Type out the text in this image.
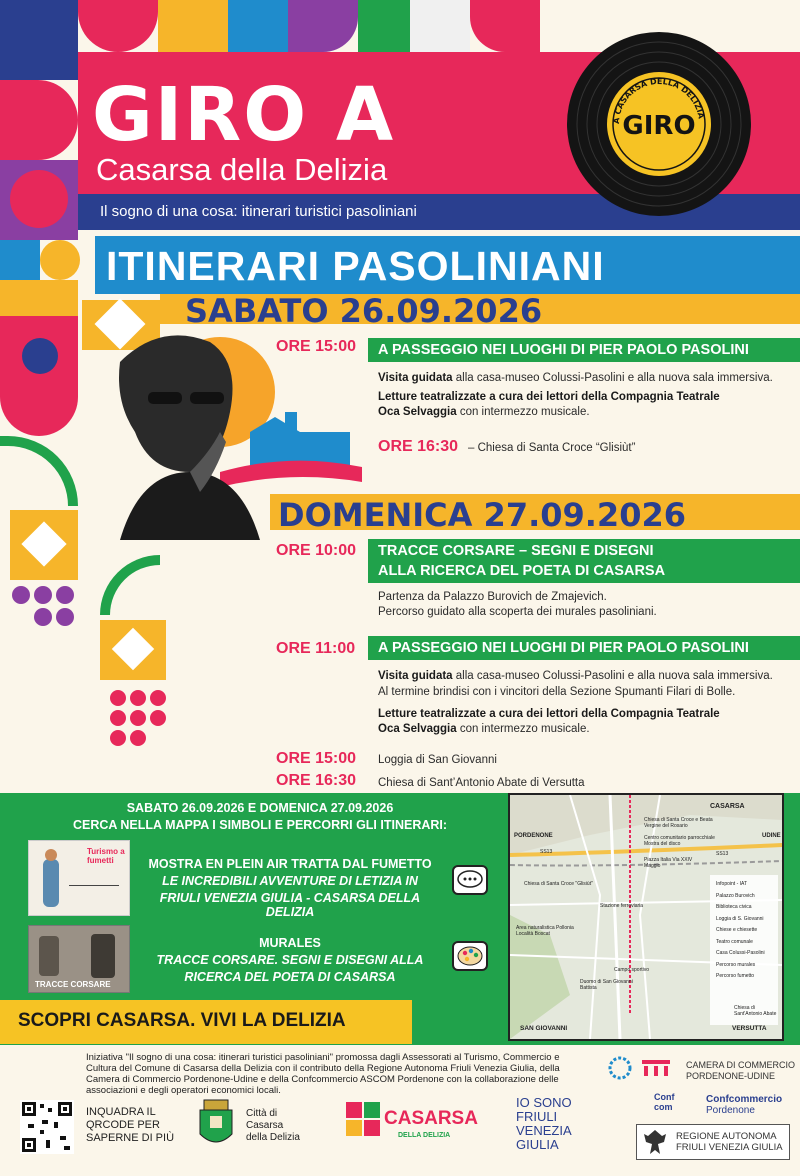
GIRO A
Casarsa della Delizia
Il sogno di una cosa: itinerari turistici pasoliniani
A CASARSA DELLA DELIZIA
GIRO
ITINERARI PASOLINIANI
SABATO 26.09.2026
ORE 15:00 A PASSEGGIO NEI LUOGHI DI PIER PAOLO PASOLINI
Visita guidata alla casa-museo Colussi-Pasolini e alla nuova sala immersiva.
Letture teatralizzate a cura dei lettori della Compagnia Teatrale
Oca Selvaggia con intermezzo musicale.
ORE 16:30 – Chiesa di Santa Croce “Glisiùt”
DOMENICA 27.09.2026
ORE 10:00 TRACCE CORSARE – SEGNI E DISEGNI
ALLA RICERCA DEL POETA DI CASARSA
Partenza da Palazzo Burovich de Zmajevich.
Percorso guidato alla scoperta dei murales pasoliniani.
ORE 11:00 A PASSEGGIO NEI LUOGHI DI PIER PAOLO PASOLINI
Visita guidata alla casa-museo Colussi-Pasolini e alla nuova sala immersiva.
Al termine brindisi con i vincitori della Sezione Spumanti Filari di Bolle.
Letture teatralizzate a cura dei lettori della Compagnia Teatrale
Oca Selvaggia con intermezzo musicale.
ORE 15:00 Loggia di San Giovanni
ORE 16:30 Chiesa di Sant’Antonio Abate di Versutta
SABATO 26.09.2026 E DOMENICA 27.09.2026
CERCA NELLA MAPPA I SIMBOLI E PERCORRI GLI ITINERARI:
Turismo a fumetti	MOSTRA EN PLEIN AIR TRATTA DAL FUMETTO
LE INCREDIBILI AVVENTURE DI LETIZIA IN
FRIULI VENEZIA GIULIA - CASARSA DELLA DELIZIA
TRACCE CORSARE
MURALES
TRACCE CORSARE. SEGNI E DISEGNI ALLA
RICERCA DEL POETA DI CASARSA
SCOPRI CASARSA. VIVI LA DELIZIA
CASARSA
PORDENONE	UDINE
SS13	SS13
Chiesa di Santa Croce e Beata Vergine del Rosario
Centro comunitario parrocchiale Mostra del disco
Piazza Italia Via XXIV Maggio
Chiesa di Santa Croce "Glisiùt"
Stazione ferroviaria
Area naturalistica Pollonia Località Boscat
Campo sportivo
Duomo di San Giovanni Battista
SAN GIOVANNI	VERSUTTA
Chiesa di Sant'Antonio Abate
Infopoint - IAT
Palazzo Burovich
Biblioteca civica
Loggia di S. Giovanni
Chiese e chiesette
Teatro comunale
Casa Colussi-Pasolini
Percorso murales
Percorso fumetto
Iniziativa "Il sogno di una cosa: itinerari turistici pasoliniani" promossa dagli Assessorati al Turismo, Commercio e Cultura del Comune di Casarsa della Delizia con il contributo della Regione Autonoma Friuli Venezia Giulia, della Camera di Commercio Pordenone-Udine e della Confcommercio ASCOM Pordenone con la collaborazione delle associazioni e degli operatori economici locali.
INQUADRA IL
QRCODE PER
SAPERNE DI PIÙ
Città di
Casarsa
della Delizia
CASARSA
DELLA DELIZIA
IO SONO
FRIULI
VENEZIA
GIULIA
CAMERA DI COMMERCIO
PORDENONE-UDINE
Conf
com
Confcommercio
Pordenone
REGIONE AUTONOMA
FRIULI VENEZIA GIULIA
